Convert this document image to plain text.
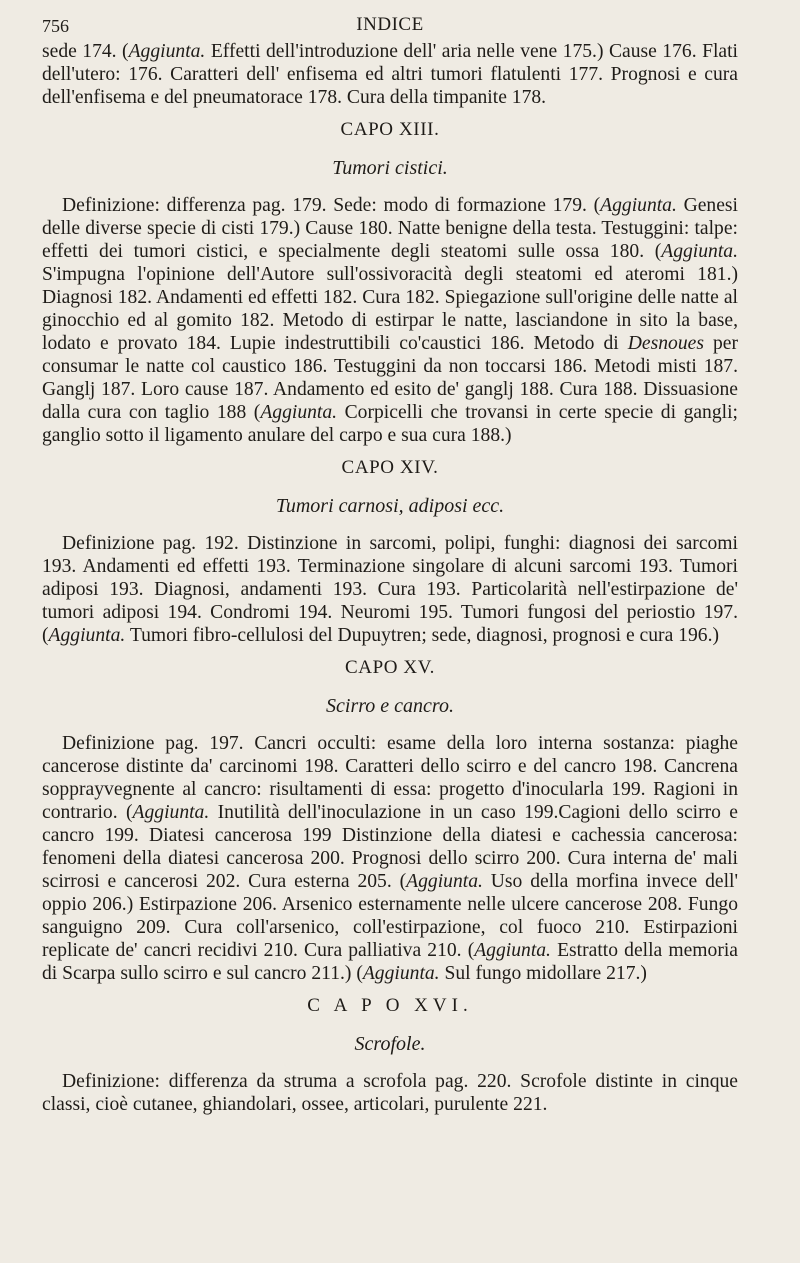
756	INDICE

sede 174. (Aggiunta. Effetti dell'introduzione dell' aria nelle vene 175.) Cause 176. Flati dell'utero: 176. Caratteri dell' enfisema ed altri tumori flatulenti 177. Prognosi e cura dell'enfisema e del pneumatorace 178. Cura della timpanite 178.

CAPO XIII.
Tumori cistici.

Definizione: differenza pag. 179. Sede: modo di formazione 179. (Aggiunta. Genesi delle diverse specie di cisti 179.) Cause 180. Natte benigne della testa. Testuggini: talpe: effetti dei tumori cistici, e specialmente degli steatomi sulle ossa 180. (Aggiunta. S'impugna l'opinione dell'Autore sull'ossivoracità degli steatomi ed ateromi 181.) Diagnosi 182. Andamenti ed effetti 182. Cura 182. Spiegazione sull'origine delle natte al ginocchio ed al gomito 182. Metodo di estirpar le natte, lasciandone in sito la base, lodato e provato 184. Lupie indestruttibili co'caustici 186. Metodo di Desnoues per consumar le natte col caustico 186. Testuggini da non toccarsi 186. Metodi misti 187. Ganglj 187. Loro cause 187. Andamento ed esito de' ganglj 188. Cura 188. Dissuasione dalla cura con taglio 188 (Aggiunta. Corpicelli che trovansi in certe specie di gangli; ganglio sotto il ligamento anulare del carpo e sua cura 188.)

CAPO XIV.
Tumori carnosi, adiposi ecc.

Definizione pag. 192. Distinzione in sarcomi, polipi, funghi: diagnosi dei sarcomi 193. Andamenti ed effetti 193. Terminazione singolare di alcuni sarcomi 193. Tumori adiposi 193. Diagnosi, andamenti 193. Cura 193. Particolarità nell'estirpazione de' tumori adiposi 194. Condromi 194. Neuromi 195. Tumori fungosi del periostio 197. (Aggiunta. Tumori fibro-cellulosi del Dupuytren; sede, diagnosi, prognosi e cura 196.)

CAPO XV.
Scirro e cancro.

Definizione pag. 197. Cancri occulti: esame della loro interna sostanza: piaghe cancerose distinte da' carcinomi 198. Caratteri dello scirro e del cancro 198. Cancrena sopprayvegnente al cancro: risultamenti di essa: progetto d'inocularla 199. Ragioni in contrario. (Aggiunta. Inutilità dell'inoculazione in un caso 199.Cagioni dello scirro e cancro 199. Diatesi cancerosa 199 Distinzione della diatesi e cachessia cancerosa: fenomeni della diatesi cancerosa 200. Prognosi dello scirro 200. Cura interna de' mali scirrosi e cancerosi 202. Cura esterna 205. (Aggiunta. Uso della morfina invece dell' oppio 206.) Estirpazione 206. Arsenico esternamente nelle ulcere cancerose 208. Fungo sanguigno 209. Cura coll'arsenico, coll'estirpazione, col fuoco 210. Estirpazioni replicate de' cancri recidivi 210. Cura palliativa 210. (Aggiunta. Estratto della memoria di Scarpa sullo scirro e sul cancro 211.) (Aggiunta. Sul fungo midollare 217.)

C A P O XVI.
Scrofole.

Definizione: differenza da struma a scrofola pag. 220. Scrofole distinte in cinque classi, cioè cutanee, ghiandolari, ossee, articolari, purulente 221.
